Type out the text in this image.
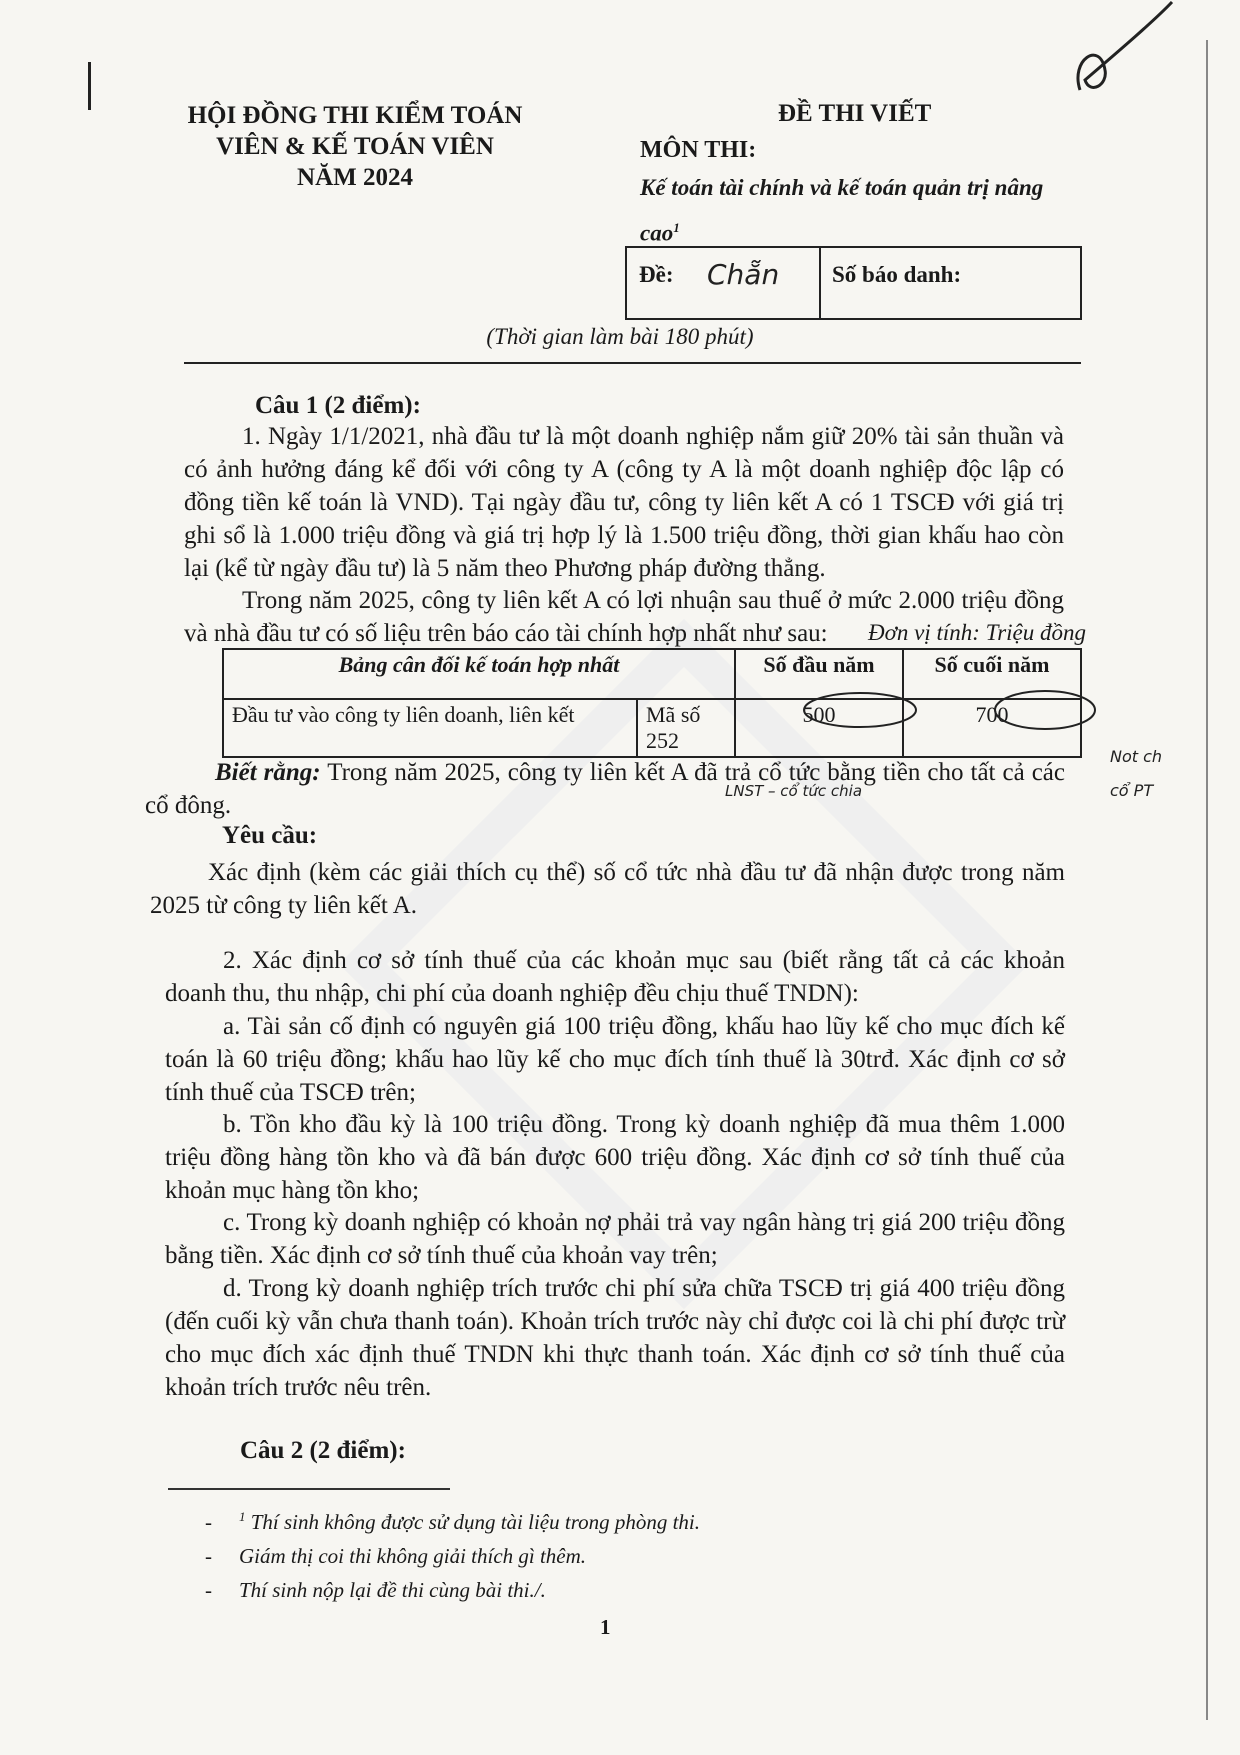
HỘI ĐỒNG THI KIỂM TOÁN
VIÊN & KẾ TOÁN VIÊN
NĂM 2024
ĐỀ THI VIẾT
MÔN THI:
Kế toán tài chính và kế toán quản trị nâng
cao$^1$
Đề: Chẵn Số báo danh:
(Thời gian làm bài 180 phút)
Câu 1 (2 điểm):
1. Ngày 1/1/2021, nhà đầu tư là một doanh nghiệp nắm giữ 20% tài sản thuần và có ảnh hưởng đáng kể đối với công ty A (công ty A là một doanh nghiệp độc lập có đồng tiền kế toán là VND). Tại ngày đầu tư, công ty liên kết A có 1 TSCĐ với giá trị ghi sổ là 1.000 triệu đồng và giá trị hợp lý là 1.500 triệu đồng, thời gian khấu hao còn lại (kể từ ngày đầu tư) là 5 năm theo Phương pháp đường thẳng.
Trong năm 2025, công ty liên kết A có lợi nhuận sau thuế ở mức 2.000 triệu đồng và nhà đầu tư có số liệu trên báo cáo tài chính hợp nhất như sau:	Đơn vị tính: Triệu đồng
Bảng cân đối kế toán hợp nhất		Số đầu năm	Số cuối năm
Đầu tư vào công ty liên doanh, liên kết	Mã số 252	500	700
Biết rằng: Trong năm 2025, công ty liên kết A đã trả cổ tức bằng tiền cho tất cả các cổ đông.
LNST – cổ tức chia
Not ch
cổ PT
Yêu cầu:
Xác định (kèm các giải thích cụ thể) số cổ tức nhà đầu tư đã nhận được trong năm 2025 từ công ty liên kết A.
2. Xác định cơ sở tính thuế của các khoản mục sau (biết rằng tất cả các khoản doanh thu, thu nhập, chi phí của doanh nghiệp đều chịu thuế TNDN):
a. Tài sản cố định có nguyên giá 100 triệu đồng, khấu hao lũy kế cho mục đích kế toán là 60 triệu đồng; khấu hao lũy kế cho mục đích tính thuế là 30trđ. Xác định cơ sở tính thuế của TSCĐ trên;
b. Tồn kho đầu kỳ là 100 triệu đồng. Trong kỳ doanh nghiệp đã mua thêm 1.000 triệu đồng hàng tồn kho và đã bán được 600 triệu đồng. Xác định cơ sở tính thuế của khoản mục hàng tồn kho;
c. Trong kỳ doanh nghiệp có khoản nợ phải trả vay ngân hàng trị giá 200 triệu đồng bằng tiền. Xác định cơ sở tính thuế của khoản vay trên;
d. Trong kỳ doanh nghiệp trích trước chi phí sửa chữa TSCĐ trị giá 400 triệu đồng (đến cuối kỳ vẫn chưa thanh toán). Khoản trích trước này chỉ được coi là chi phí được trừ cho mục đích xác định thuế TNDN khi thực thanh toán. Xác định cơ sở tính thuế của khoản trích trước nêu trên.
Câu 2 (2 điểm):
- $^1$ Thí sinh không được sử dụng tài liệu trong phòng thi.
- Giám thị coi thi không giải thích gì thêm.
- Thí sinh nộp lại đề thi cùng bài thi./.
1
